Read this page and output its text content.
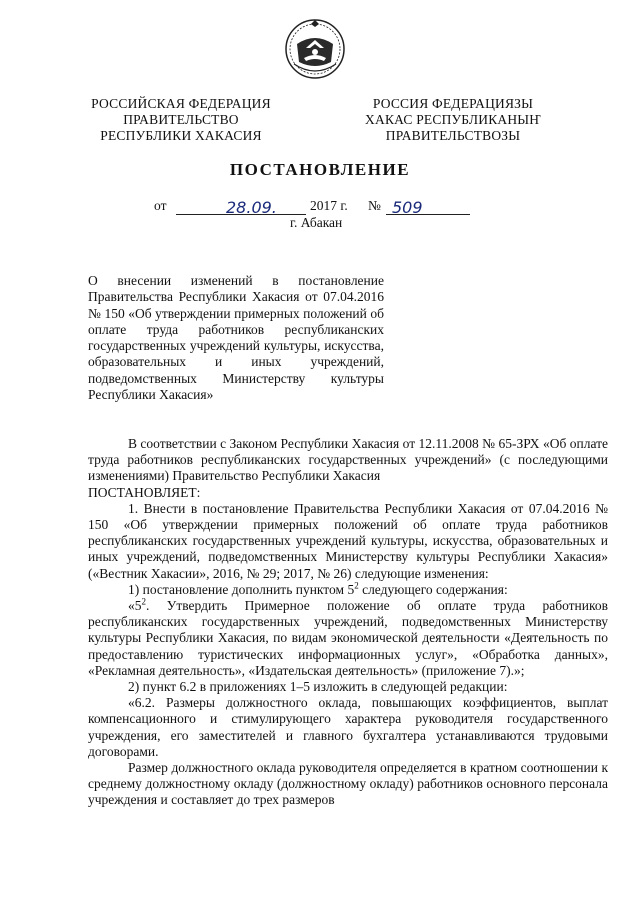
РОССИЙСКАЯ ФЕДЕРАЦИЯ
ПРАВИТЕЛЬСТВО
РЕСПУБЛИКИ ХАКАСИЯ
РОССИЯ ФЕДЕРАЦИЯЗЫ
ХАКАС РЕСПУБЛИКАНЫҤ
ПРАВИТЕЛЬСТВОЗЫ
ПОСТАНОВЛЕНИЕ
от	28.09. 2017 г. № 509
г. Абакан
О внесении изменений в постановление Правительства Республики Хакасия от 07.04.2016 № 150 «Об утверждении примерных положений об оплате труда работников республиканских государственных учреждений культуры, искусства, образовательных и иных учреждений, подведомственных Министерству культуры Республики Хакасия»

В соответствии с Законом Республики Хакасия от 12.11.2008 № 65-ЗРХ «Об оплате труда работников республиканских государственных учреждений» (с последующими изменениями) Правительство Республики Хакасия

ПОСТАНОВЛЯЕТ:

1. Внести в постановление Правительства Республики Хакасия от 07.04.2016 № 150 «Об утверждении примерных положений об оплате труда работников республиканских государственных учреждений культуры, искусства, образовательных и иных учреждений, подведомственных Министерству культуры Республики Хакасия» («Вестник Хакасии», 2016, № 29; 2017, № 26) следующие изменения:

1) постановление дополнить пунктом $5^2$ следующего содержания:

«$5^2$. Утвердить Примерное положение об оплате труда работников республиканских государственных учреждений, подведомственных Министерству культуры Республики Хакасия, по видам экономической деятельности «Деятельность по предоставлению туристических информационных услуг», «Обработка данных», «Рекламная деятельность», «Издательская деятельность» (приложение 7).»;

2) пункт 6.2 в приложениях 1–5 изложить в следующей редакции:

«6.2. Размеры должностного оклада, повышающих коэффициентов, выплат компенсационного и стимулирующего характера руководителя государственного учреждения, его заместителей и главного бухгалтера устанавливаются трудовыми договорами.

Размер должностного оклада руководителя определяется в кратном соотношении к среднему должностному окладу (должностному окладу) работников основного персонала учреждения и составляет до трех размеров
